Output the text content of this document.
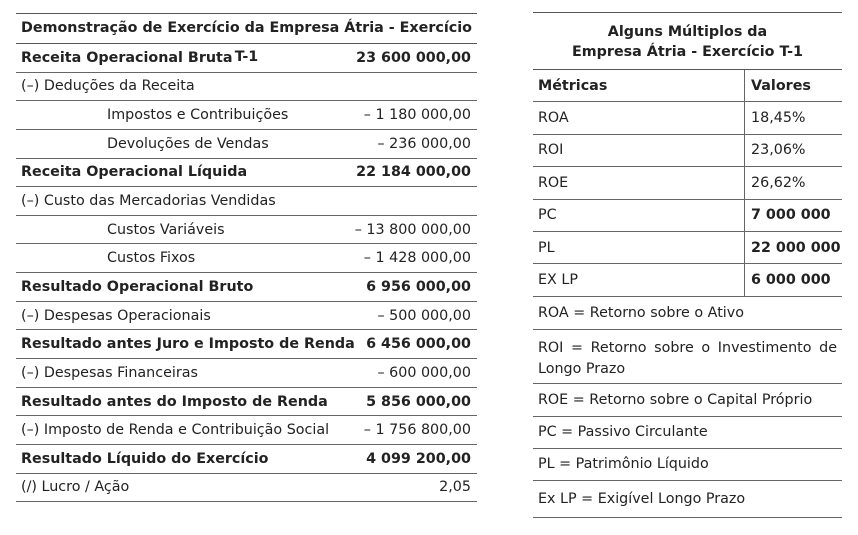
Demonstração de Exercício da Empresa Átria - Exercício T-1
Receita Operacional Bruta	23 600 000,00
(–) Deduções da Receita
Impostos e Contribuições	– 1 180 000,00
Devoluções de Vendas	– 236 000,00
Receita Operacional Líquida	22 184 000,00
(–) Custo das Mercadorias Vendidas
Custos Variáveis	– 13 800 000,00
Custos Fixos	– 1 428 000,00
Resultado Operacional Bruto	6 956 000,00
(–) Despesas Operacionais	– 500 000,00
Resultado antes Juro e Imposto de Renda 6 456 000,00
(–) Despesas Financeiras	– 600 000,00
Resultado antes do Imposto de Renda	5 856 000,00
(–) Imposto de Renda e Contribuição Social – 1 756 800,00
Resultado Líquido do Exercício	4 099 200,00
(/) Lucro / Ação	2,05
Alguns Múltiplos da
Empresa Átria - Exercício T-1
Métricas	Valores
ROA	18,45%
ROI	23,06%
ROE	26,62%
PC	7 000 000
PL	22 000 000
EX LP	6 000 000
ROA = Retorno sobre o Ativo
ROI = Retorno sobre o Investimento de Longo Prazo
ROE = Retorno sobre o Capital Próprio
PC = Passivo Circulante
PL = Patrimônio Líquido
Ex LP = Exigível Longo Prazo
